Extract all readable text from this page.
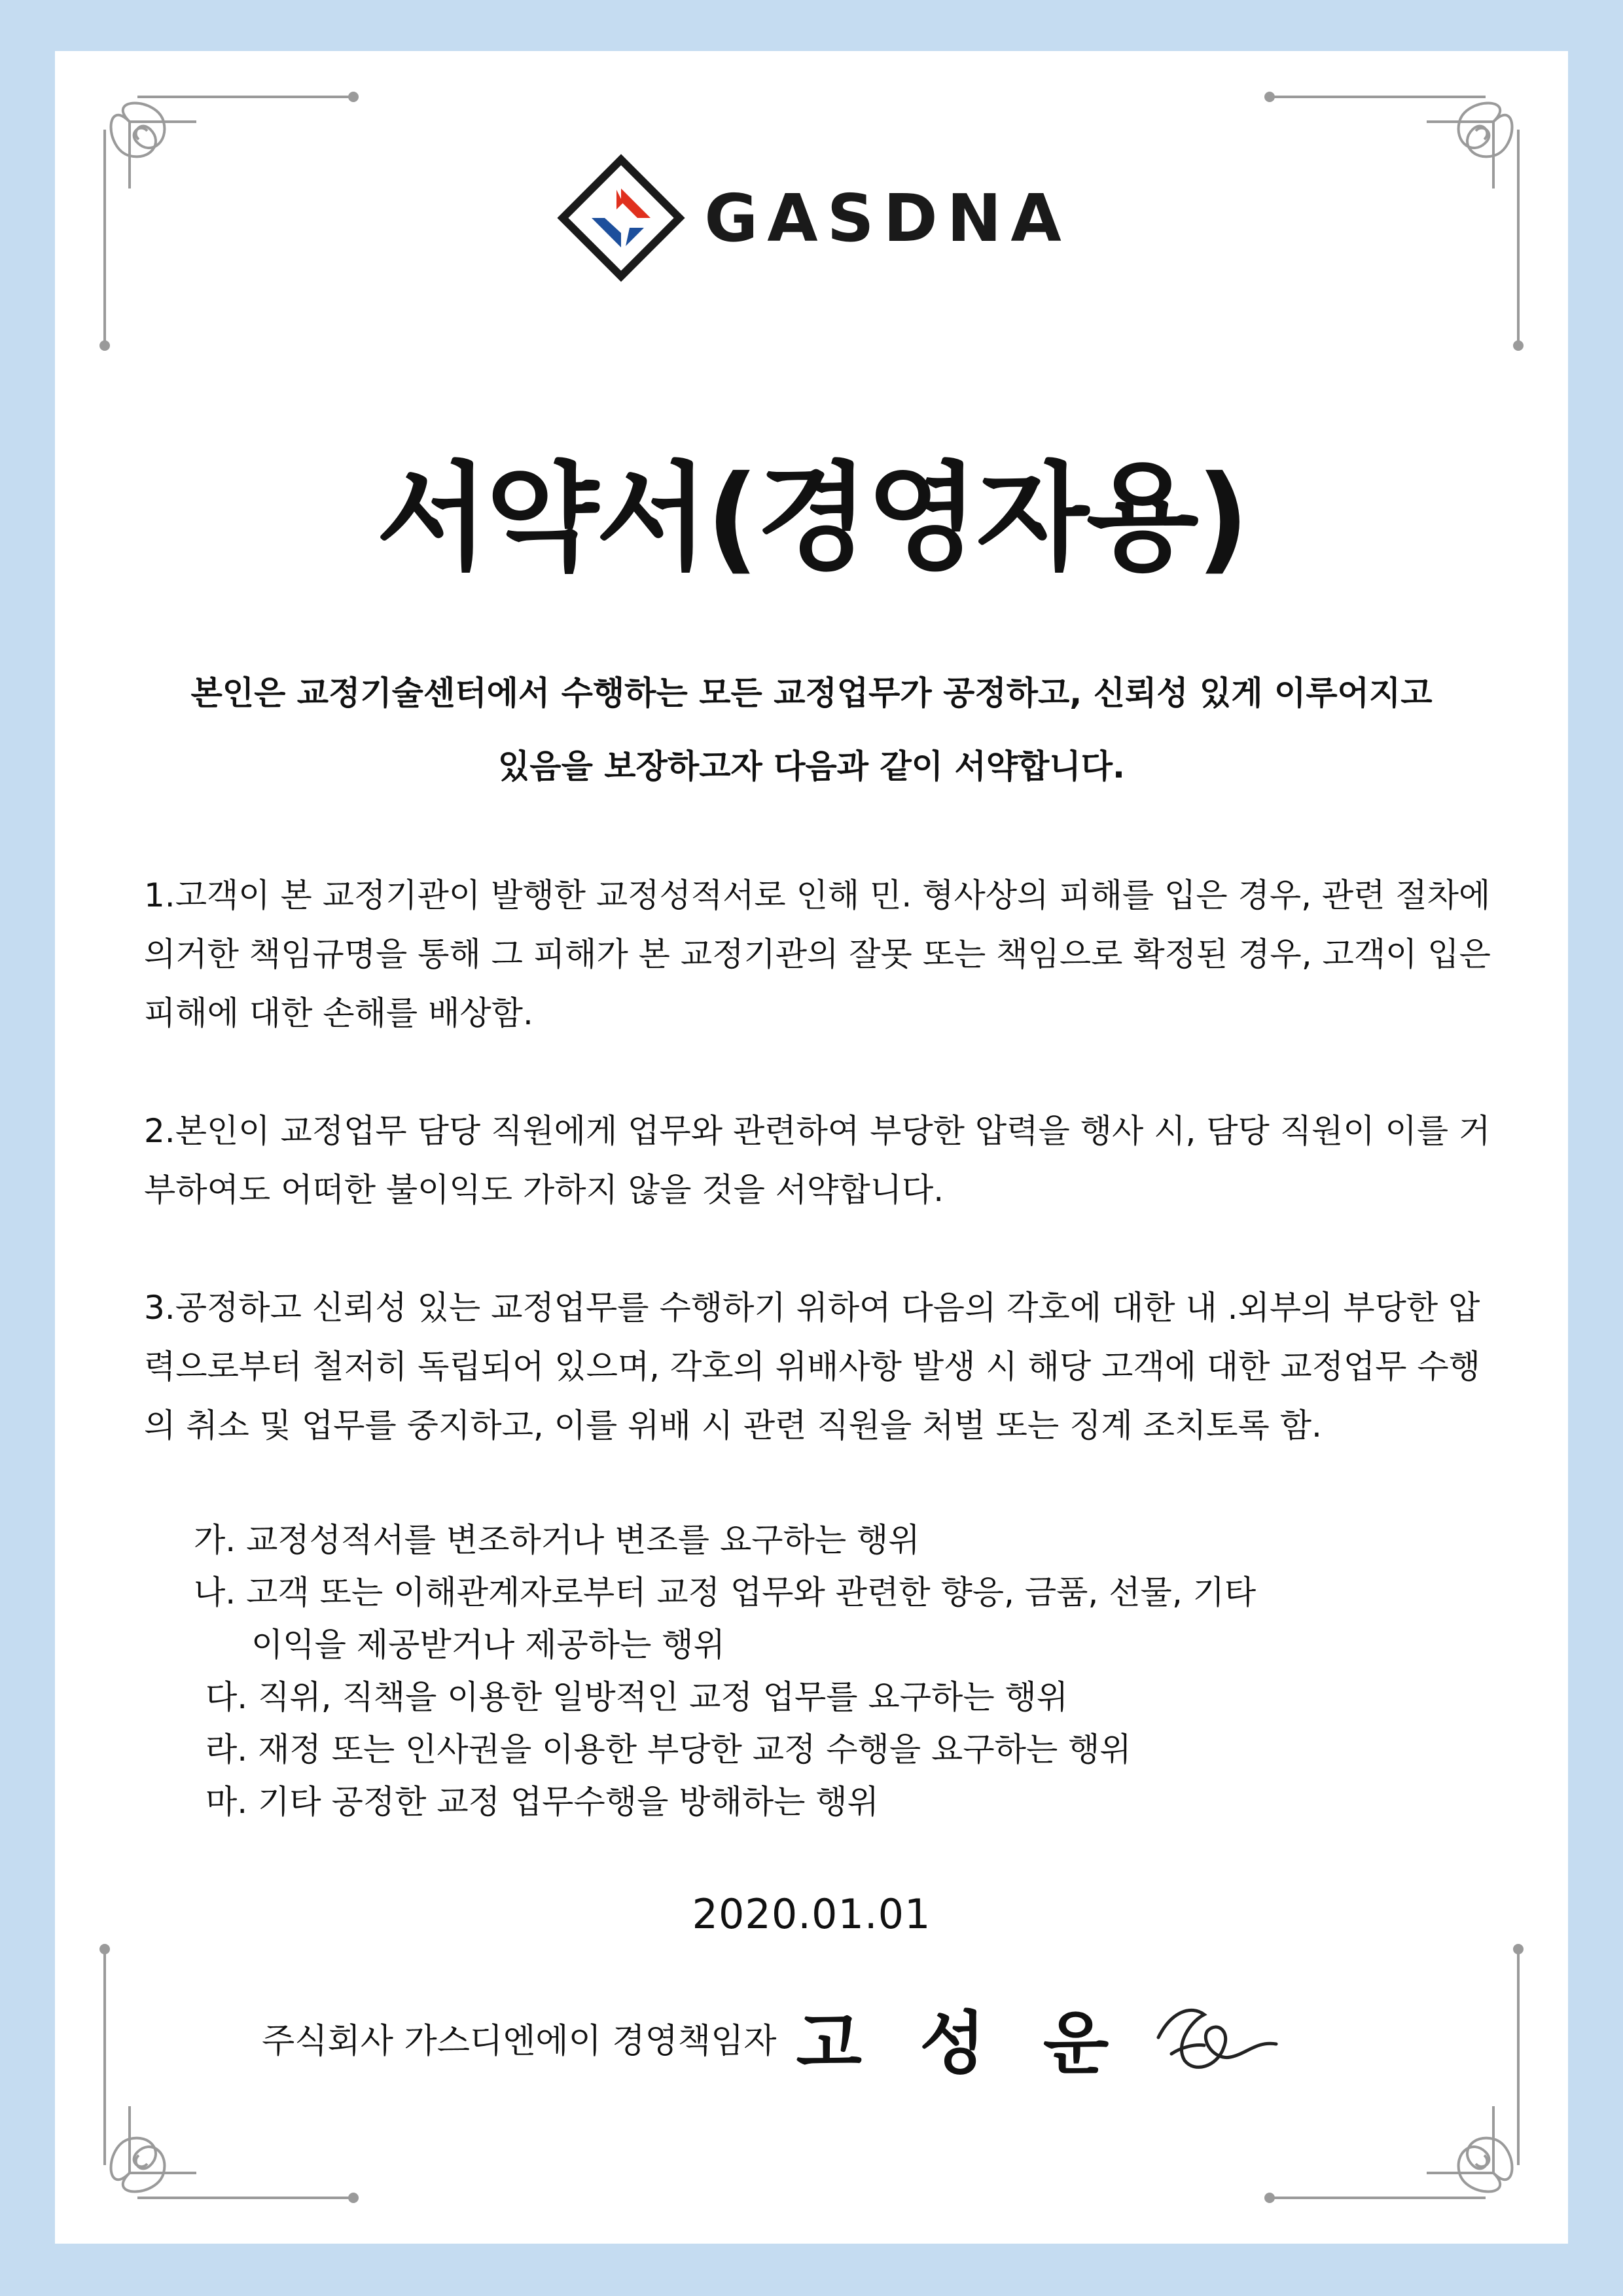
GASDNA
서약서(경영자용)
본인은 교정기술센터에서 수행하는 모든 교정업무가 공정하고, 신뢰성 있게 이루어지고
있음을 보장하고자 다음과 같이 서약합니다.

1.고객이 본 교정기관이 발행한 교정성적서로 인해 민. 형사상의 피해를 입은 경우, 관련 절차에 의거한 책임규명을 통해 그 피해가 본 교정기관의 잘못 또는 책임으로 확정된 경우, 고객이 입은 피해에 대한 손해를 배상함.

2.본인이 교정업무 담당 직원에게 업무와 관련하여 부당한 압력을 행사 시, 담당 직원이 이를 거부하여도 어떠한 불이익도 가하지 않을 것을 서약합니다.

3.공정하고 신뢰성 있는 교정업무를 수행하기 위하여 다음의 각호에 대한 내 .외부의 부당한 압력으로부터 철저히 독립되어 있으며, 각호의 위배사항 발생 시 해당 고객에 대한 교정업무 수행의 취소 및 업무를 중지하고, 이를 위배 시 관련 직원을 처벌 또는 징계 조치토록 함.

가. 교정성적서를 변조하거나 변조를 요구하는 행위
나. 고객 또는 이해관계자로부터 교정 업무와 관련한 향응, 금품, 선물, 기타
이익을 제공받거나 제공하는 행위
다. 직위, 직책을 이용한 일방적인 교정 업무를 요구하는 행위
라. 재정 또는 인사권을 이용한 부당한 교정 수행을 요구하는 행위
마. 기타 공정한 교정 업무수행을 방해하는 행위
2020.01.01
주식회사 가스디엔에이 경영책임자 고 성 운
